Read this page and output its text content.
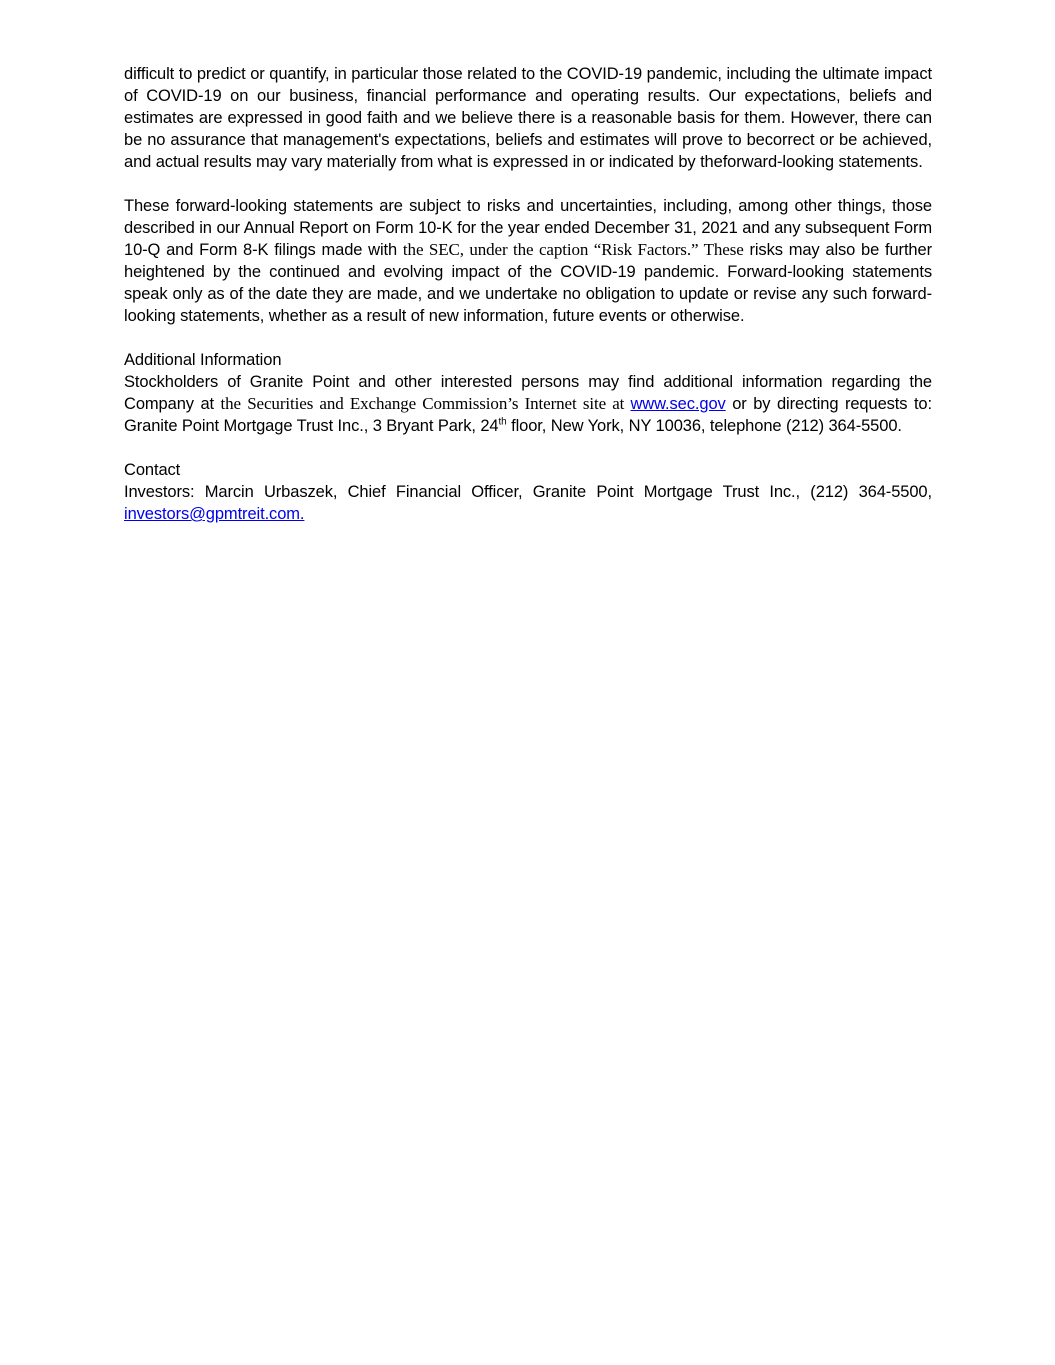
difficult to predict or quantify, in particular those related to the COVID-19 pandemic, including the ultimate impact of COVID-19 on our business, financial performance and operating results. Our expectations, beliefs and estimates are expressed in good faith and we believe there is a reasonable basis for them. However, there can be no assurance that management's expectations, beliefs and estimates will prove to becorrect or be achieved, and actual results may vary materially from what is expressed in or indicated by theforward-looking statements.

These forward-looking statements are subject to risks and uncertainties, including, among other things, those described in our Annual Report on Form 10-K for the year ended December 31, 2021 and any subsequent Form 10-Q and Form 8-K filings made with the SEC, under the caption “Risk Factors.” These risks may also be further heightened by the continued and evolving impact of the COVID-19 pandemic. Forward-looking statements speak only as of the date they are made, and we undertake no obligation to update or revise any such forward-looking statements, whether as a result of new information, future events or otherwise.

Additional Information

Stockholders of Granite Point and other interested persons may find additional information regarding the Company at the Securities and Exchange Commission’s Internet site at www.sec.gov or by directing requests to: Granite Point Mortgage Trust Inc., 3 Bryant Park, 24th floor, New York, NY 10036, telephone (212) 364-5500.

Contact

Investors: Marcin Urbaszek, Chief Financial Officer, Granite Point Mortgage Trust Inc., (212) 364-5500, investors@gpmtreit.com.
